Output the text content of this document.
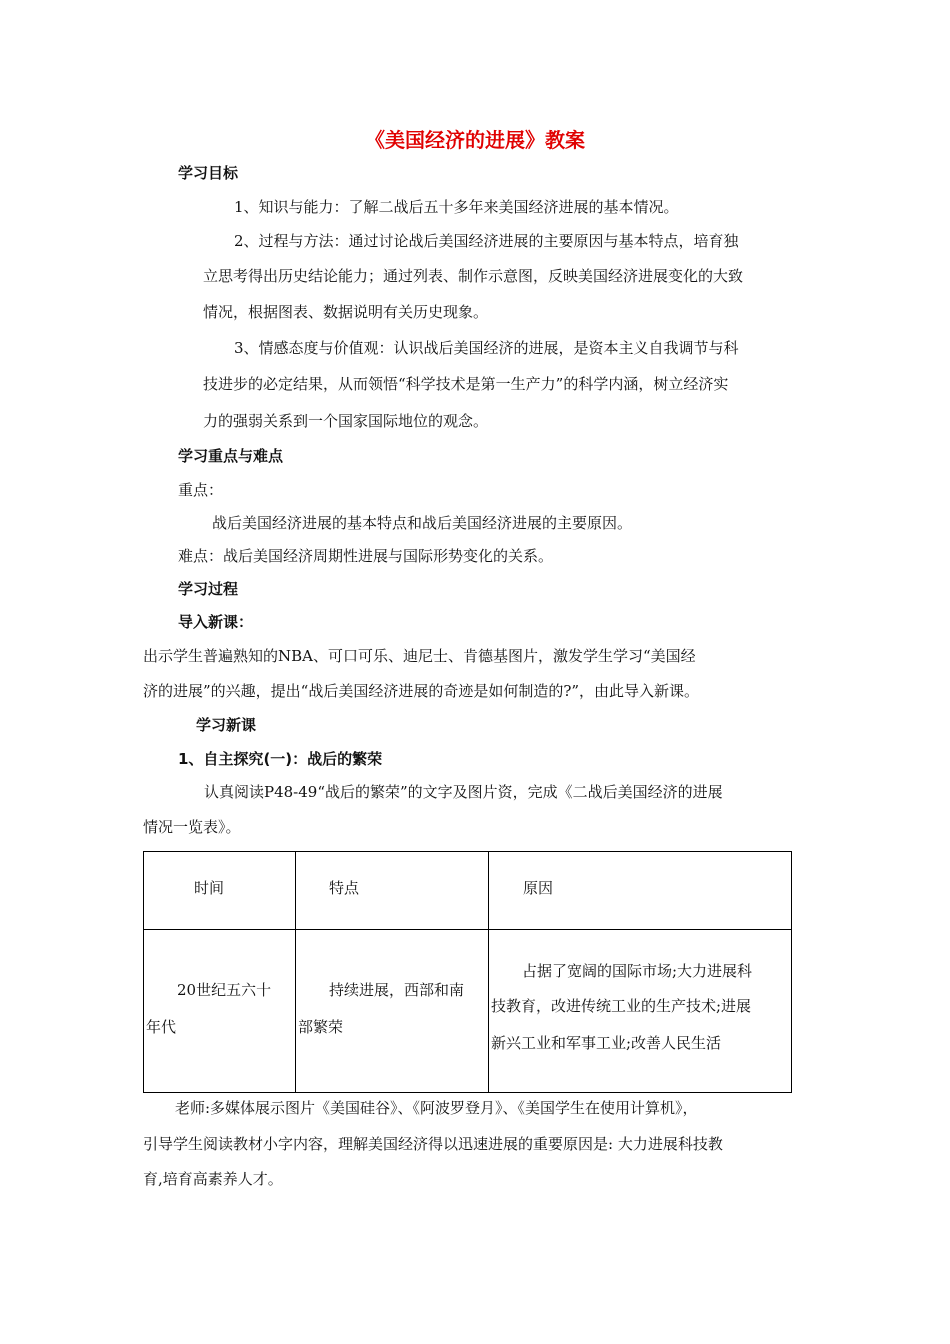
《美国经济的进展》教案
学习目标
1、知识与能力：了解二战后五十多年来美国经济进展的基本情况。
2、过程与方法：通过讨论战后美国经济进展的主要原因与基本特点，培育独
立思考得出历史结论能力；通过列表、制作示意图，反映美国经济进展变化的大致
情况，根据图表、数据说明有关历史现象。
3、情感态度与价值观：认识战后美国经济的进展，是资本主义自我调节与科
技进步的必定结果，从而领悟“科学技术是第一生产力”的科学内涵，树立经济实
力的强弱关系到一个国家国际地位的观念。
学习重点与难点
重点：
战后美国经济进展的基本特点和战后美国经济进展的主要原因。
难点：战后美国经济周期性进展与国际形势变化的关系。
学习过程
导入新课：
出示学生普遍熟知的NBA、可口可乐、迪尼士、肯德基图片，激发学生学习“美国经
济的进展”的兴趣，提出“战后美国经济进展的奇迹是如何制造的?”，由此导入新课。
学习新课
1、自主探究(一)：战后的繁荣
认真阅读P48-49“战后的繁荣”的文字及图片资，完成《二战后美国经济的进展
情况一览表》。
时间	特点	原因

20世纪五六十
年代	持续进展，西部和南
部繁荣	占据了宽阔的国际市场;大力进展科
技教育，改进传统工业的生产技术;进展
新兴工业和军事工业;改善人民生活
老师:多媒体展示图片《美国硅谷》、《阿波罗登月》、《美国学生在使用计算机》，
引导学生阅读教材小字内容，理解美国经济得以迅速进展的重要原因是: 大力进展科技教
育,培育高素养人才。
